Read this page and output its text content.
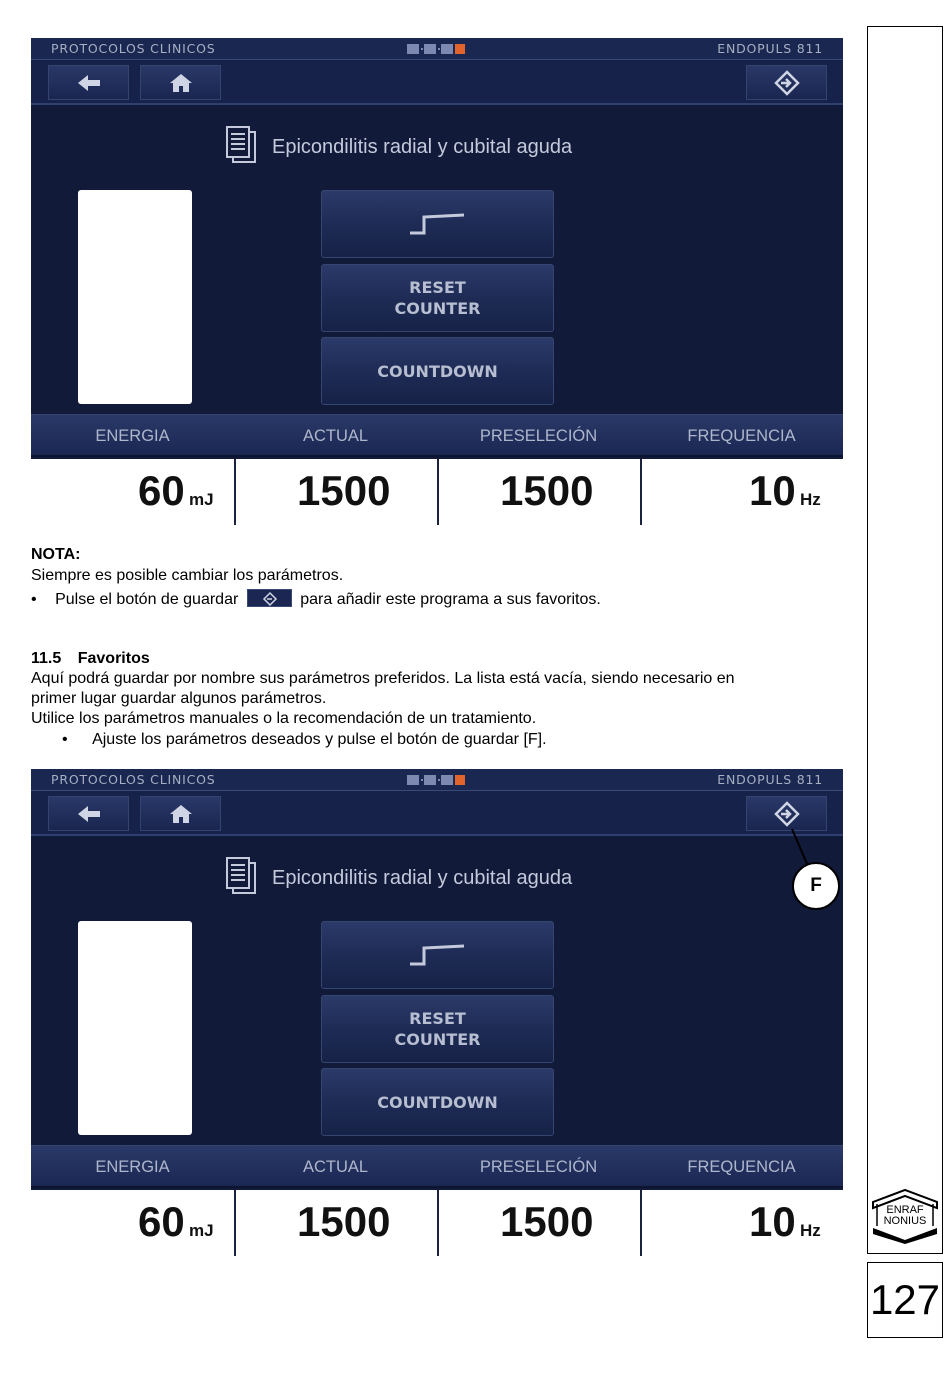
ENRAF
NONIUS
127
PROTOCOLOS CLINICOS	ENDOPULS 811
Epicondilitis radial y cubital aguda
RESET
COUNTER
COUNTDOWN
ENERGIA	ACTUAL	PRESELECIÓN	FREQUENCIA
60 mJ 1500	1500	10 Hz
NOTA:
Siempre es posible cambiar los parámetros.
• Pulse el botón de guardar	para añadir este programa a sus favoritos.
11.5 Favoritos
Aquí podrá guardar por nombre sus parámetros preferidos. La lista está vacía, siendo necesario en
primer lugar guardar algunos parámetros.
Utilice los parámetros manuales o la recomendación de un tratamiento.
• Ajuste los parámetros deseados y pulse el botón de guardar [F].
PROTOCOLOS CLINICOS	ENDOPULS 811
Epicondilitis radial y cubital aguda
RESET
COUNTER
COUNTDOWN
ENERGIA	ACTUAL	PRESELECIÓN	FREQUENCIA
60 mJ 1500	1500	10 Hz
F
